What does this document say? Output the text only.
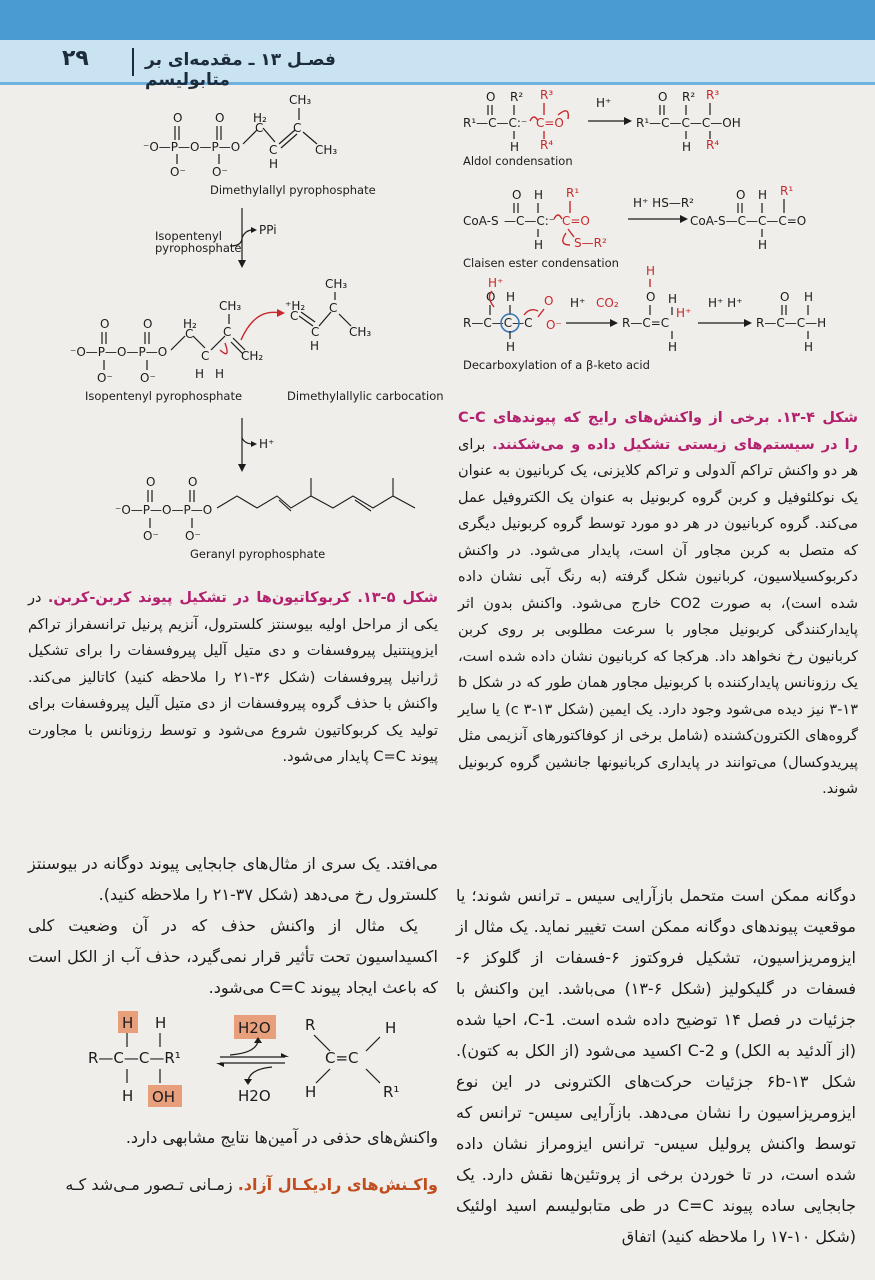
۲۹	فصـل ۱۳ ـ مقدمه‌ای بر متابولیسم
⁻O—P—O—P—O
O	O
O⁻ O⁻
H₂
C
C
H
C
CH₃
CH₃
Dimethylallyl pyrophosphate
Isopentenyl
pyrophosphate
PPi
⁻O—P—O—P—O
O	O
O⁻ O⁻
H₂
C
C
H H
C
CH₃
CH₂
⁺H₂
C
C
H
C
CH₃
CH₃
Isopentenyl pyrophosphate	Dimethylallylic carbocation
H⁺
⁻O—P—O—P—O
O	O
O⁻ O⁻
Geranyl pyrophosphate
R¹—C—C:⁻
O R²
H
C=O
R³
R⁴
H⁺
R¹—C—C—C—OH
O R²
H
R³
R⁴
Aldol condensation
CoA-S —C—C:⁻
O H
H
C=O
R¹
S—R²
H⁺ HS—R²
CoA-S—C—C—C=O
O H R¹
H
Claisen ester condensation
R—C—C—C
H⁺
O H
H
O
O⁻
H⁺ CO₂
R—C=C
H
O H
H⁺
H
H⁺ H⁺
R—C—C—H
O H
H
Decarboxylation of a β-keto acid
شکل ۴-۱۳. برخی از واکنش‌های رایج که پیوندهای C-C را در سیستم‌های زیستی تشکیل داده و می‌شکنند. برای هر دو واکنش تراکم آلدولی و تراکم کلایزنی، یک کربانیون به عنوان یک نوکلئوفیل و کربن گروه کربونیل به عنوان یک الکتروفیل عمل می‌کند. گروه کربانیون در هر دو مورد توسط گروه کربونیل دیگری که متصل به کربن مجاور آن است، پایدار می‌شود. در واکنش دکربوکسیلاسیون، کربانیون شکل گرفته (به رنگ آبی نشان داده شده است)، به صورت CO2 خارج می‌شود. واکنش بدون اثر پایدارکنندگی کربونیل مجاور با سرعت مطلوبی بر روی کربن کربانیون رخ نخواهد داد. هرکجا که کربانیون نشان داده شده است، یک رزونانس پایدارکننده با کربونیل مجاور همان طور که در شکل b ۳-۱۳ نیز دیده می‌شود وجود دارد. یک ایمین (شکل c ۳-۱۳) یا سایر گروه‌های الکترون‌کشنده (شامل برخی از کوفاکتورهای آنزیمی مثل پیریدوکسال) می‌توانند در پایداری کربانیونها جانشین گروه کربونیل شوند.
شکل ۵-۱۳. کربوکاتیون‌ها در تشکیل پیوند کربن-کربن. در یکی از مراحل اولیه بیوسنتز کلسترول، آنزیم پرنیل ترانسفراز تراکم ایزوپنتنیل پیروفسفات و دی متیل آلیل پیروفسفات را برای تشکیل ژرانیل پیروفسفات (شکل ۳۶-۲۱ را ملاحظه کنید) کاتالیز می‌کند. واکنش با حذف گروه پیروفسفات از دی متیل آلیل پیروفسفات برای تولید یک کربوکاتیون شروع می‌شود و توسط رزونانس با مجاورت پیوند C=C پایدار می‌شود.
می‌افتد. یک سری از مثال‌های جابجایی پیوند دوگانه در بیوسنتز کلسترول رخ می‌دهد (شکل ۳۷-۲۱ را ملاحظه کنید).
یک مثال از واکنش حذف که در آن وضعیت کلی اکسیداسیون تحت تأثیر قرار نمی‌گیرد، حذف آب از الکل است که باعث ایجاد پیوند C=C می‌شود.
H H
R—C—C—R¹
H OH
H2O
H2O
R	H
C=C
H	R¹
واکنش‌های حذفی در آمین‌ها نتایج مشابهی دارد.
واکـنش‌های رادیکـال آزاد. زمـانی تـصور مـی‌شد کـه
دوگانه ممکن است متحمل بازآرایی سیس ـ ترانس شوند؛ یا موقعیت پیوندهای دوگانه ممکن است تغییر نماید. یک مثال از ایزومریزاسیون، تشکیل فروکتوز ۶-فسفات از گلوکز ۶-فسفات در گلیکولیز (شکل ۶-۱۳) می‌باشد. این واکنش با جزئیات در فصل ۱۴ توضیح داده شده است. C-1، احیا شده (از آلدئید به الکل) و C-2 اکسید می‌شود (از الکل به کتون). شکل ۶b-۱۳ جزئیات حرکت‌های الکترونی در این نوع ایزومریزاسیون را نشان می‌دهد. بازآرایی سیس- ترانس که توسط واکنش پرولیل سیس- ترانس ایزومراز نشان داده شده است، در تا خوردن برخی از پروتئین‌ها نقش دارد. یک جابجایی ساده پیوند C=C در طی متابولیسم اسید اولئیک (شکل ۱۰-۱۷ را ملاحظه کنید) اتفاق
